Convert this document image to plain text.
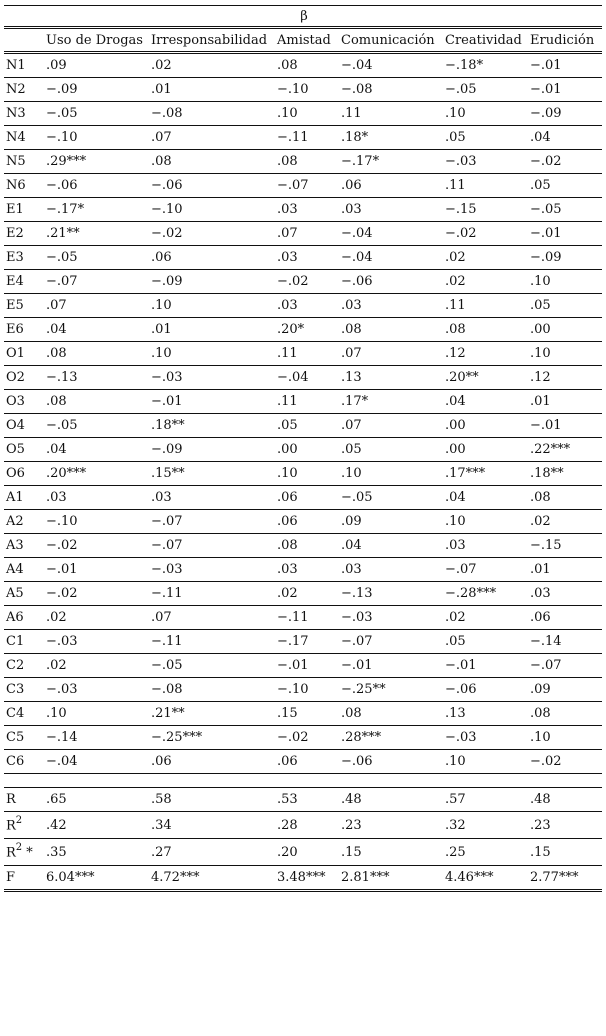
β						
	Uso de Drogas	Irresponsabilidad	Amistad	Comunicación	Creatividad	Erudición
N1	.09	.02	.08	−.04	−.18*	−.01
N2	−.09	.01	−.10	−.08	−.05	−.01
N3	−.05	−.08	.10	.11	.10	−.09
N4	−.10	.07	−.11	.18*	.05	.04
N5	.29***	.08	.08	−.17*	−.03	−.02
N6	−.06	−.06	−.07	.06	.11	.05
E1	−.17*	−.10	.03	.03	−.15	−.05
E2	.21**	−.02	.07	−.04	−.02	−.01
E3	−.05	.06	.03	−.04	.02	−.09
E4	−.07	−.09	−.02	−.06	.02	.10
E5	.07	.10	.03	.03	.11	.05
E6	.04	.01	.20*	.08	.08	.00
O1	.08	.10	.11	.07	.12	.10
O2	−.13	−.03	−.04	.13	.20**	.12
O3	.08	−.01	.11	.17*	.04	.01
O4	−.05	.18**	.05	.07	.00	−.01
O5	.04	−.09	.00	.05	.00	.22***
O6	.20***	.15**	.10	.10	.17***	.18**
A1	.03	.03	.06	−.05	.04	.08
A2	−.10	−.07	.06	.09	.10	.02
A3	−.02	−.07	.08	.04	.03	−.15
A4	−.01	−.03	.03	.03	−.07	.01
A5	−.02	−.11	.02	−.13	−.28***	.03
A6	.02	.07	−.11	−.03	.02	.06
C1	−.03	−.11	−.17	−.07	.05	−.14
C2	.02	−.05	−.01	−.01	−.01	−.07
C3	−.03	−.08	−.10	−.25**	−.06	.09
C4	.10	.21**	.15	.08	.13	.08
C5	−.14	−.25***	−.02	.28***	−.03	.10
C6	−.04	.06	.06	−.06	.10	−.02

R	.65	.58	.53	.48	.57	.48
$R^2$	.42	.34	.28	.23	.32	.23
$R^2$ *	.35	.27	.20	.15	.25	.15
F	6.04***	4.72***	3.48***	2.81***	4.46***	2.77***
